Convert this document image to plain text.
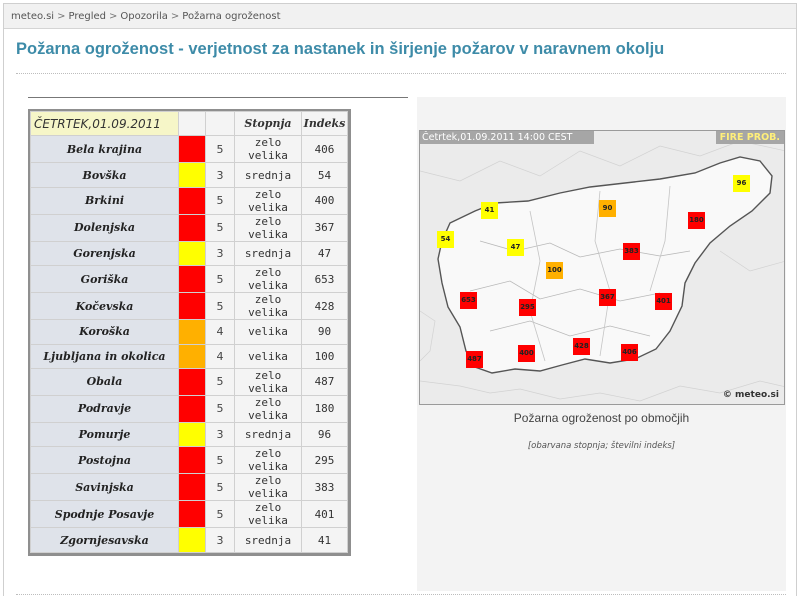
meteo.si > Pregled > Opozorila > Požarna ogroženost
Požarna ogroženost - verjetnost za nastanek in širjenje požarov v naravnem okolju
ČETRTEK,01.09.2011			Stopnja	Indeks
Bela krajina		5	zelo velika	406
Bovška		3	srednja	54
Brkini		5	zelo velika	400
Dolenjska		5	zelo velika	367
Gorenjska		3	srednja	47
Goriška		5	zelo velika	653
Kočevska		5	zelo velika	428
Koroška		4	velika	90
Ljubljana in okolica		4	velika	100
Obala		5	zelo velika	487
Podravje		5	zelo velika	180
Pomurje		3	srednja	96
Postojna		5	zelo velika	295
Savinjska		5	zelo velika	383
Spodnje Posavje		5	zelo velika	401
Zgornjesavska		3	srednja	41
Četrtek,01.09.2011 14:00 CEST	FIRE PROB.
96
41	90
180
54
47	383
100
653
295
367	401
428
487
400	406
© meteo.si
Požarna ogroženost po območjih
[obarvana stopnja; številni indeks]
